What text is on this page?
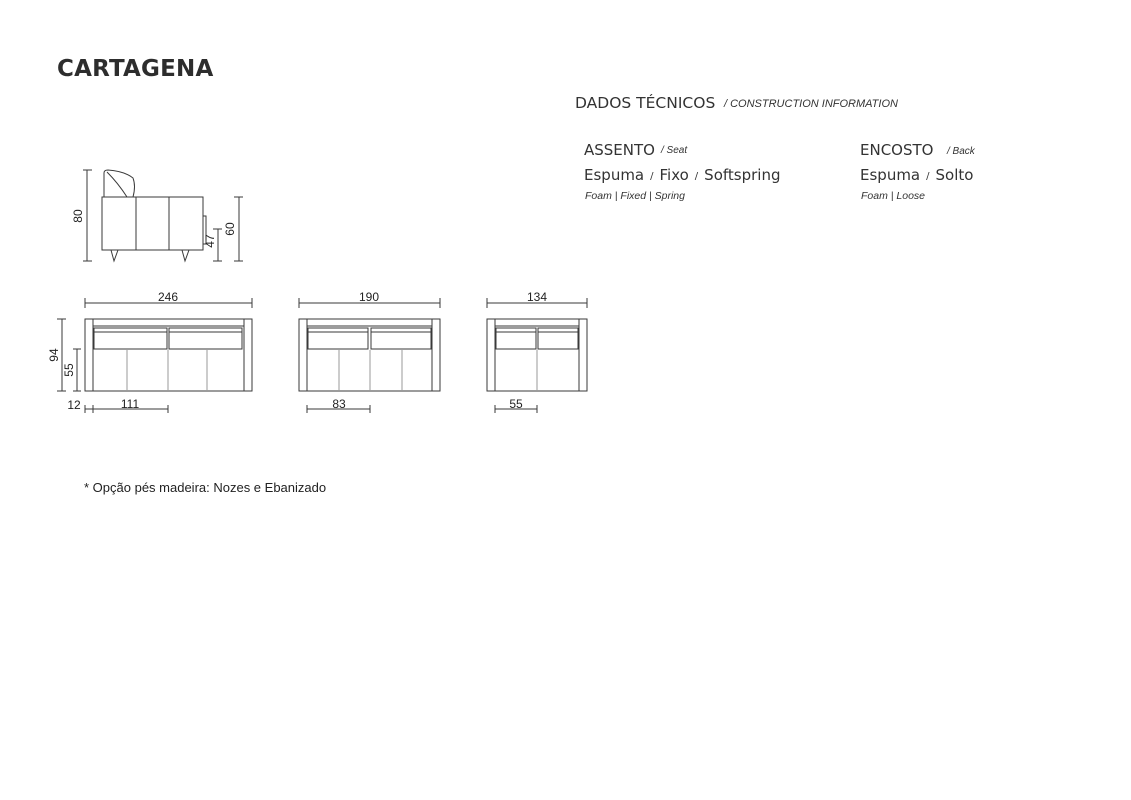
CARTAGENA
DADOS TÉCNICOS / CONSTRUCTION INFORMATION
ASSENTO / Seat
Espuma / Fixo / Softspring
Foam | Fixed | Spring
ENCOSTO / Back
Espuma / Solto
Foam | Loose
80
47
60
246
94
55
12	111
190
83
134
55
* Opção pés madeira: Nozes e Ebanizado
